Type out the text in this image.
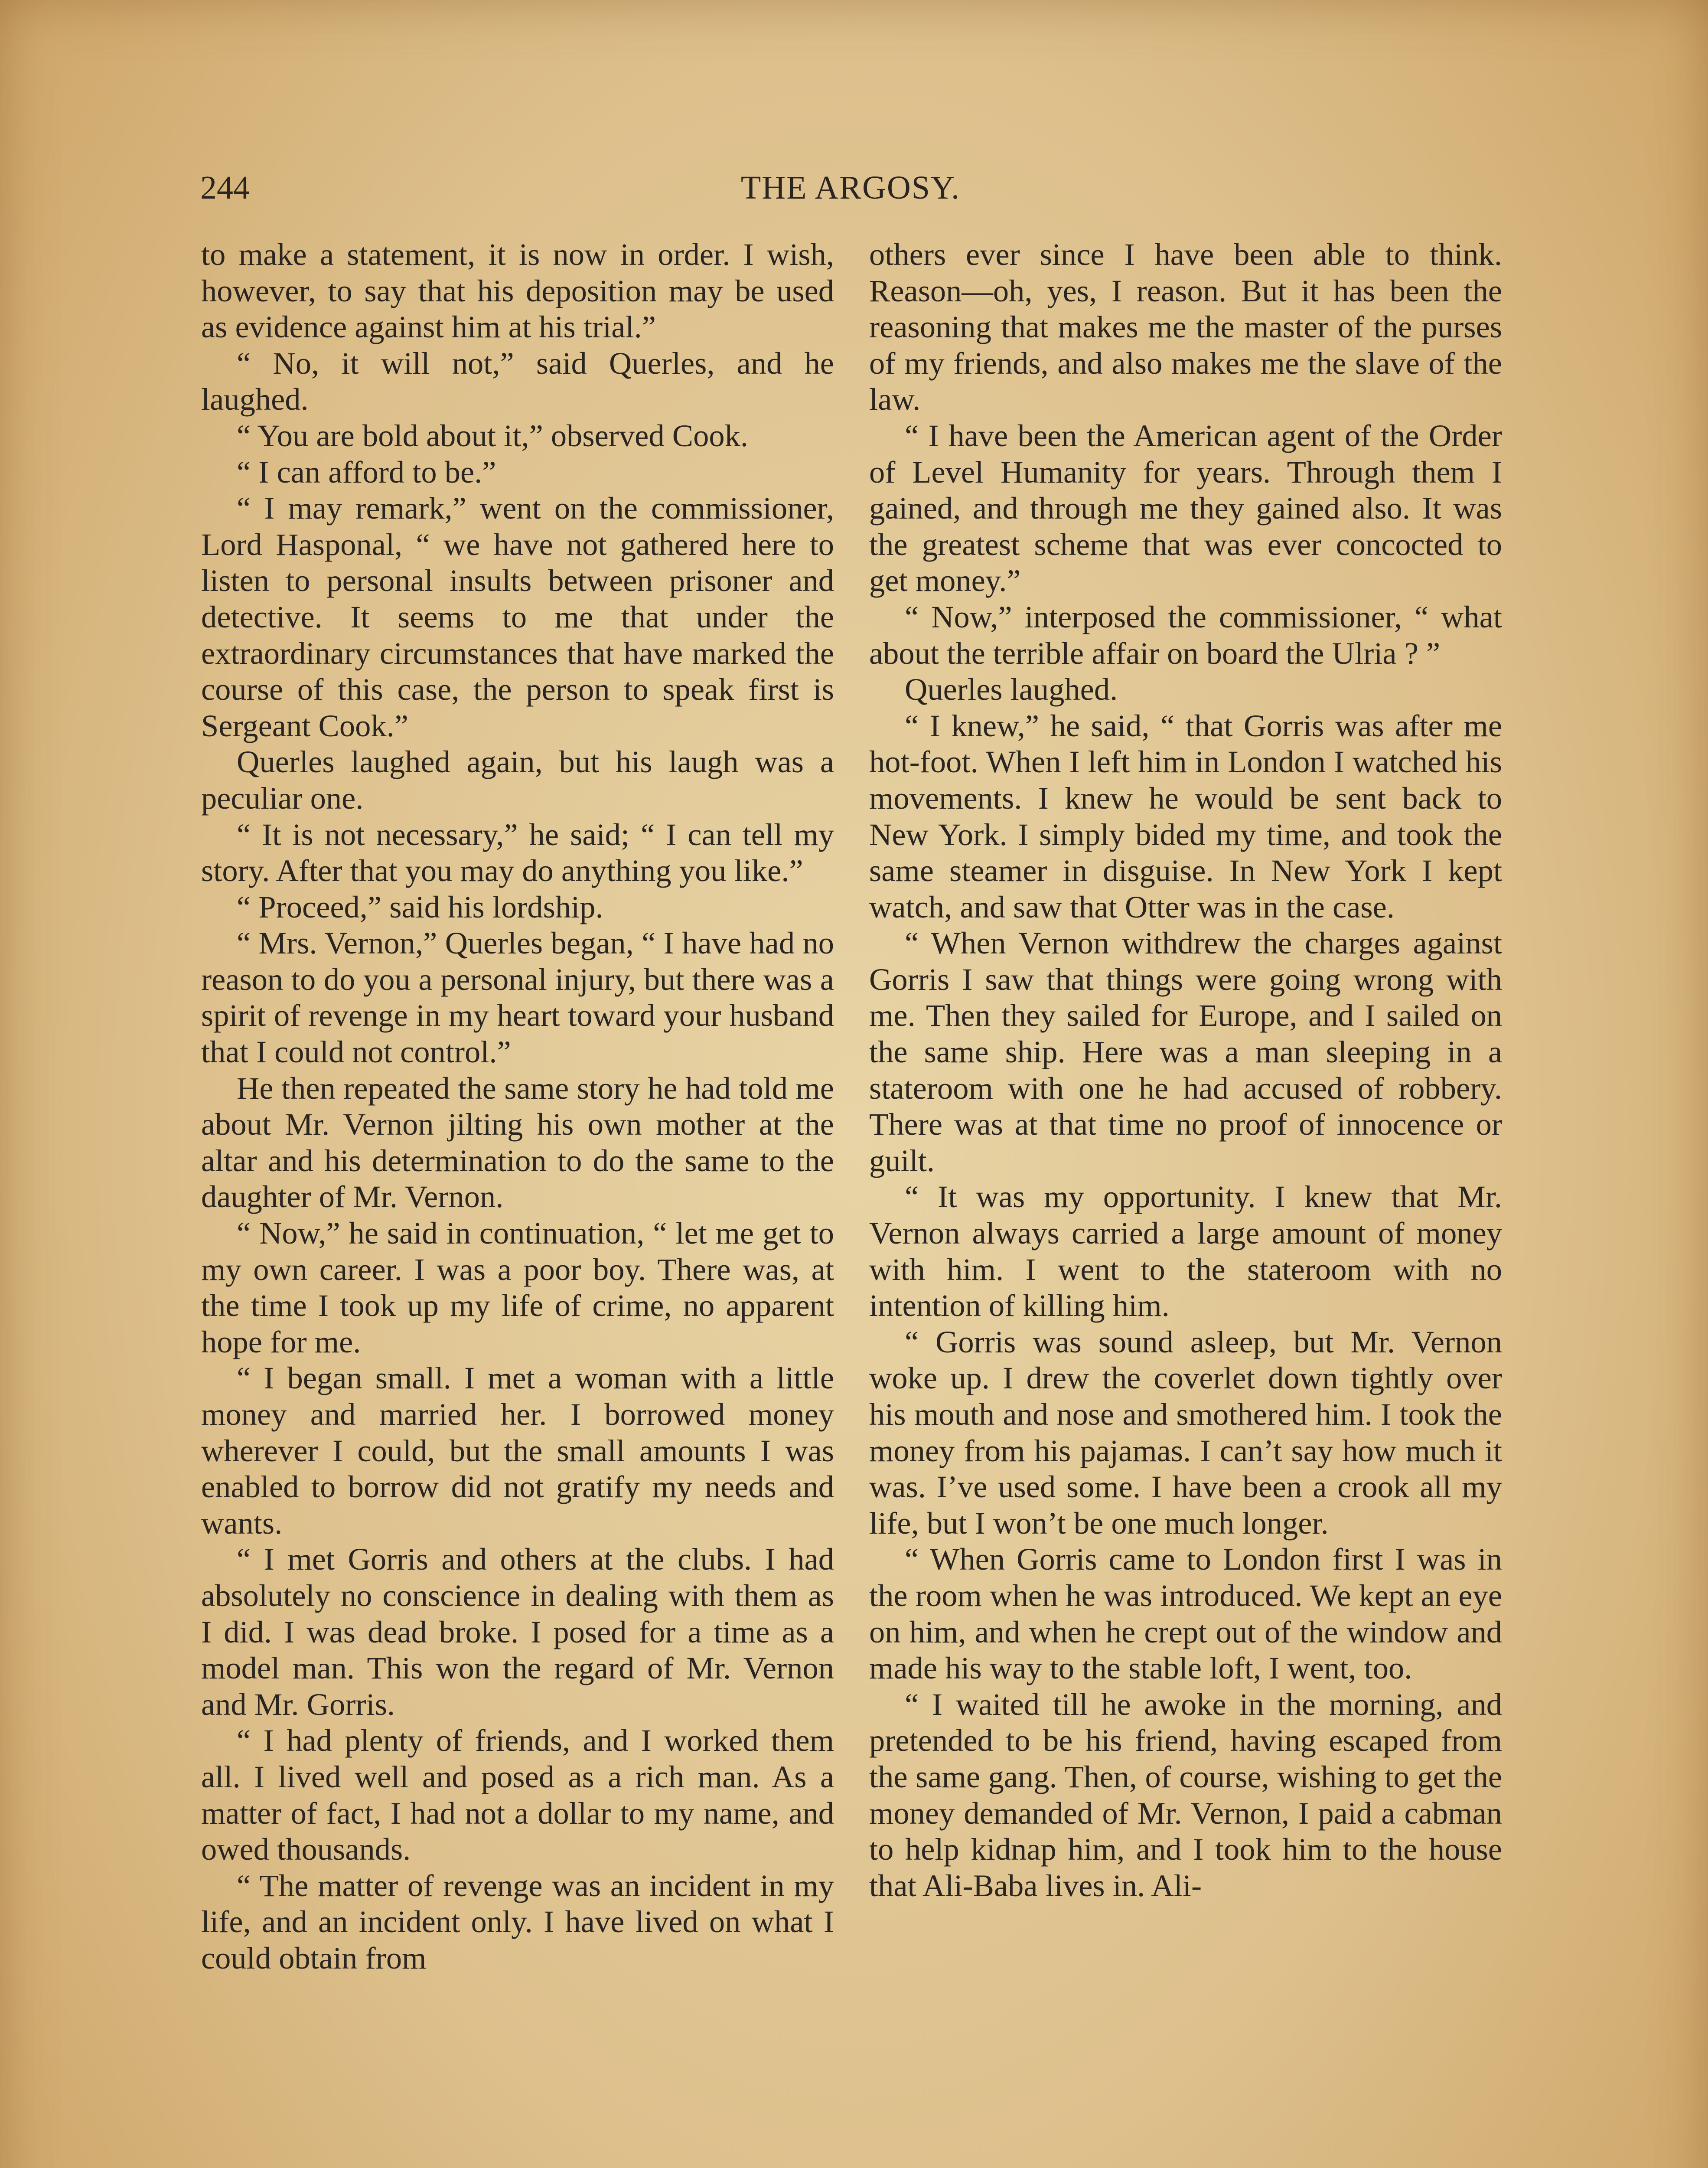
244	THE ARGOSY.

to make a statement, it is now in order. I wish, however, to say that his deposition may be used as evidence against him at his trial.”

“ No, it will not,” said Querles, and he laughed.

“ You are bold about it,” observed Cook.

“ I can afford to be.”

“ I may remark,” went on the commissioner, Lord Hasponal, “ we have not gathered here to listen to personal insults between prisoner and detective. It seems to me that under the extraordinary circumstances that have marked the course of this case, the person to speak first is Sergeant Cook.”

Querles laughed again, but his laugh was a peculiar one.

“ It is not necessary,” he said; “ I can tell my story. After that you may do anything you like.”

“ Proceed,” said his lordship.

“ Mrs. Vernon,” Querles began, “ I have had no reason to do you a personal injury, but there was a spirit of revenge in my heart toward your husband that I could not control.”

He then repeated the same story he had told me about Mr. Vernon jilting his own mother at the altar and his determination to do the same to the daughter of Mr. Vernon.

“ Now,” he said in continuation, “ let me get to my own career. I was a poor boy. There was, at the time I took up my life of crime, no apparent hope for me.

“ I began small. I met a woman with a little money and married her. I borrowed money wherever I could, but the small amounts I was enabled to borrow did not gratify my needs and wants.

“ I met Gorris and others at the clubs. I had absolutely no conscience in dealing with them as I did. I was dead broke. I posed for a time as a model man. This won the regard of Mr. Vernon and Mr. Gorris.

“ I had plenty of friends, and I worked them all. I lived well and posed as a rich man. As a matter of fact, I had not a dollar to my name, and owed thousands.

“ The matter of revenge was an incident in my life, and an incident only. I have lived on what I could obtain from

others ever since I have been able to think. Reason—oh, yes, I reason. But it has been the reasoning that makes me the master of the purses of my friends, and also makes me the slave of the law.

“ I have been the American agent of the Order of Level Humanity for years. Through them I gained, and through me they gained also. It was the greatest scheme that was ever concocted to get money.”

“ Now,” interposed the commissioner, “ what about the terrible affair on board the Ulria ? ”

Querles laughed.

“ I knew,” he said, “ that Gorris was after me hot-foot. When I left him in London I watched his movements. I knew he would be sent back to New York. I simply bided my time, and took the same steamer in disguise. In New York I kept watch, and saw that Otter was in the case.

“ When Vernon withdrew the charges against Gorris I saw that things were going wrong with me. Then they sailed for Europe, and I sailed on the same ship. Here was a man sleeping in a stateroom with one he had accused of robbery. There was at that time no proof of innocence or guilt.

“ It was my opportunity. I knew that Mr. Vernon always carried a large amount of money with him. I went to the stateroom with no intention of killing him.

“ Gorris was sound asleep, but Mr. Vernon woke up. I drew the coverlet down tightly over his mouth and nose and smothered him. I took the money from his pajamas. I can’t say how much it was. I’ve used some. I have been a crook all my life, but I won’t be one much longer.

“ When Gorris came to London first I was in the room when he was introduced. We kept an eye on him, and when he crept out of the window and made his way to the stable loft, I went, too.

“ I waited till he awoke in the morning, and pretended to be his friend, having escaped from the same gang. Then, of course, wishing to get the money demanded of Mr. Vernon, I paid a cabman to help kidnap him, and I took him to the house that Ali-Baba lives in. Ali-
